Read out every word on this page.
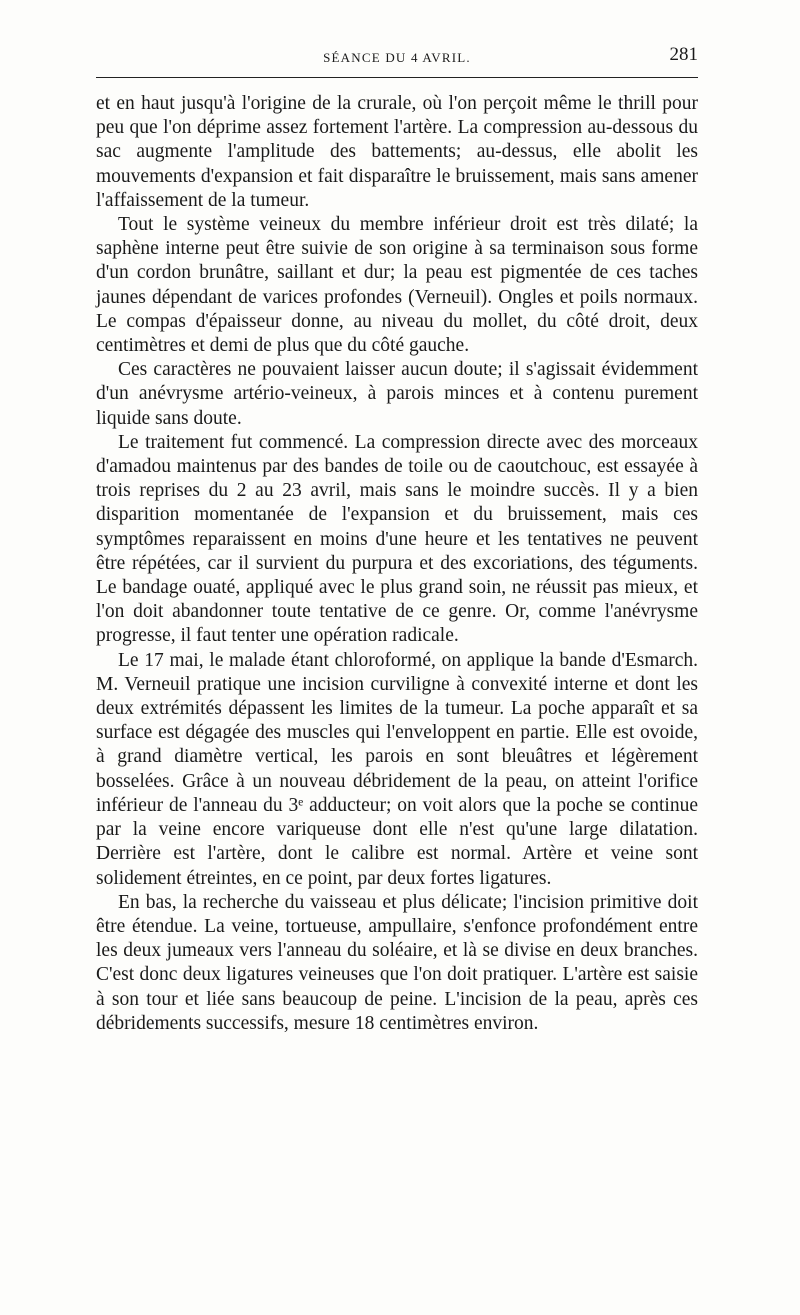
SÉANCE DU 4 AVRIL.	281

et en haut jusqu'à l'origine de la crurale, où l'on perçoit même le thrill pour peu que l'on déprime assez fortement l'artère. La compression au-dessous du sac augmente l'amplitude des battements; au-dessus, elle abolit les mouvements d'expansion et fait disparaître le bruissement, mais sans amener l'affaissement de la tumeur.

Tout le système veineux du membre inférieur droit est très dilaté; la saphène interne peut être suivie de son origine à sa terminaison sous forme d'un cordon brunâtre, saillant et dur; la peau est pigmentée de ces taches jaunes dépendant de varices profondes (Verneuil). Ongles et poils normaux. Le compas d'épaisseur donne, au niveau du mollet, du côté droit, deux centimètres et demi de plus que du côté gauche.

Ces caractères ne pouvaient laisser aucun doute; il s'agissait évidemment d'un anévrysme artério-veineux, à parois minces et à contenu purement liquide sans doute.

Le traitement fut commencé. La compression directe avec des morceaux d'amadou maintenus par des bandes de toile ou de caoutchouc, est essayée à trois reprises du 2 au 23 avril, mais sans le moindre succès. Il y a bien disparition momentanée de l'expansion et du bruissement, mais ces symptômes reparaissent en moins d'une heure et les tentatives ne peuvent être répétées, car il survient du purpura et des excoriations, des téguments. Le bandage ouaté, appliqué avec le plus grand soin, ne réussit pas mieux, et l'on doit abandonner toute tentative de ce genre. Or, comme l'anévrysme progresse, il faut tenter une opération radicale.

Le 17 mai, le malade étant chloroformé, on applique la bande d'Esmarch. M. Verneuil pratique une incision curviligne à convexité interne et dont les deux extrémités dépassent les limites de la tumeur. La poche apparaît et sa surface est dégagée des muscles qui l'enveloppent en partie. Elle est ovoide, à grand diamètre vertical, les parois en sont bleuâtres et légèrement bosselées. Grâce à un nouveau débridement de la peau, on atteint l'orifice inférieur de l'anneau du 3ᵉ adducteur; on voit alors que la poche se continue par la veine encore variqueuse dont elle n'est qu'une large dilatation. Derrière est l'artère, dont le calibre est normal. Artère et veine sont solidement étreintes, en ce point, par deux fortes ligatures.

En bas, la recherche du vaisseau et plus délicate; l'incision primitive doit être étendue. La veine, tortueuse, ampullaire, s'enfonce profondément entre les deux jumeaux vers l'anneau du soléaire, et là se divise en deux branches. C'est donc deux ligatures veineuses que l'on doit pratiquer. L'artère est saisie à son tour et liée sans beaucoup de peine. L'incision de la peau, après ces débridements successifs, mesure 18 centimètres environ.
